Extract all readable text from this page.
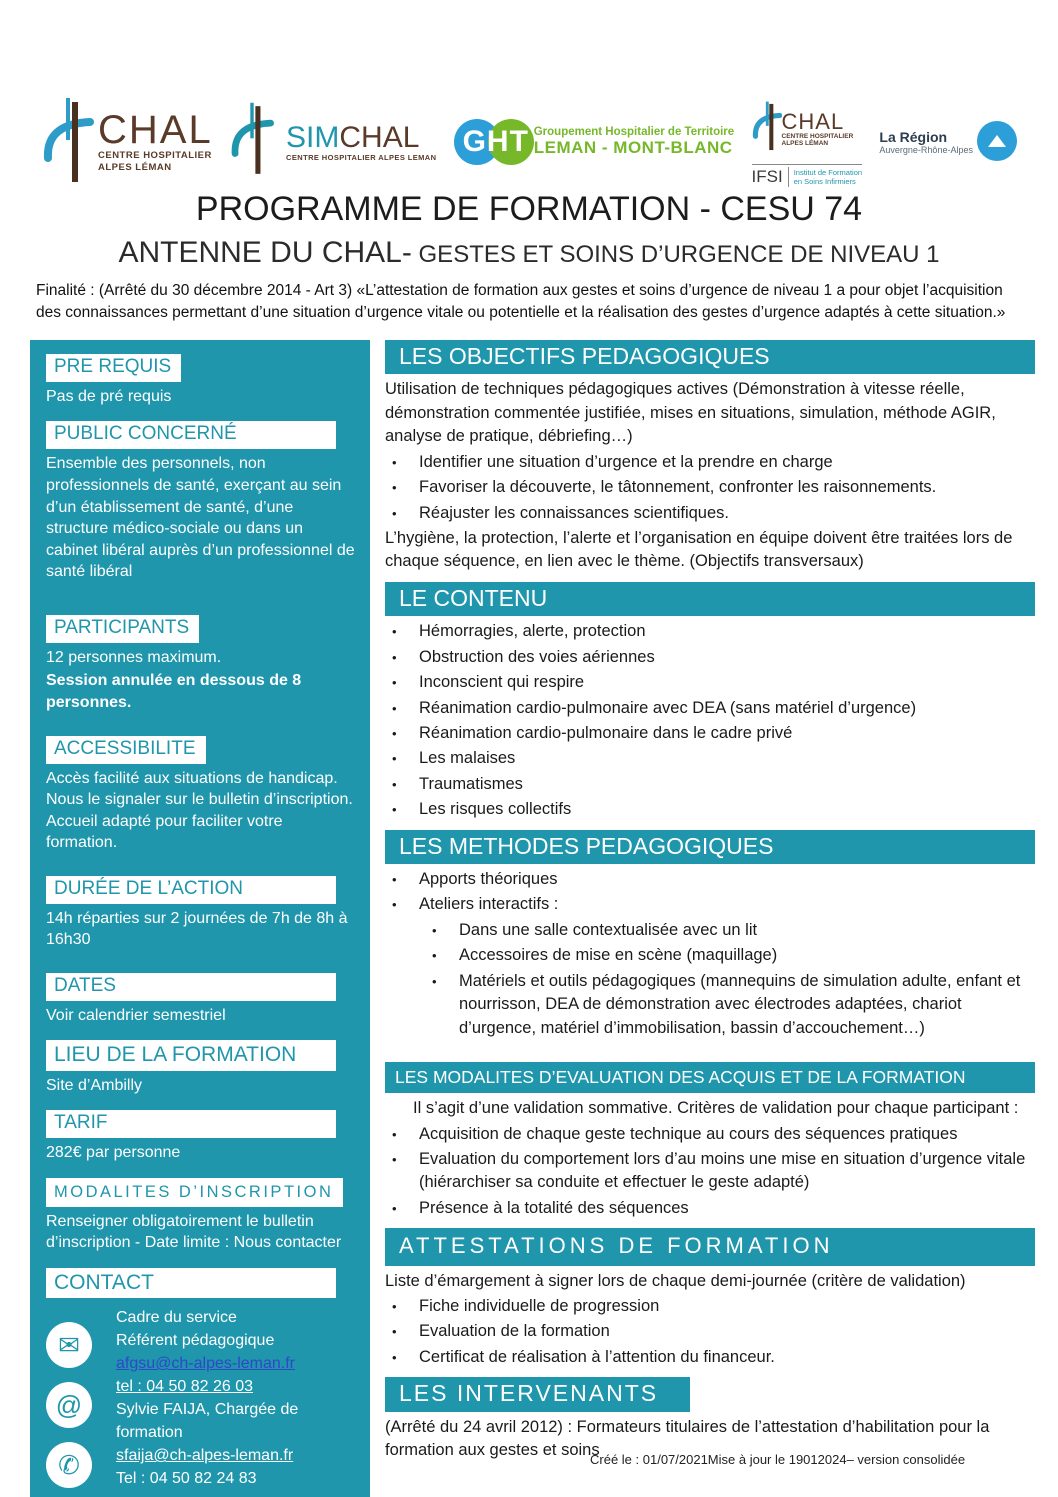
CHAL
CENTRE HOSPITALIER
ALPES LÉMAN
SIMCHAL
CENTRE HOSPITALIER ALPES LEMAN GHT Groupement Hospitalier de Territoire
LEMAN - MONT-BLANC
CHAL
CENTRE HOSPITALIER
ALPES LÉMAN
IFSI	Institut de Formation
en Soins Infirmiers
La Région
Auvergne-Rhône-Alpes
PROGRAMME DE FORMATION - CESU 74
ANTENNE DU CHAL- GESTES ET SOINS D’URGENCE DE NIVEAU 1

Finalité : (Arrêté du 30 décembre 2014 - Art 3) «L’attestation de formation aux gestes et soins d’urgence de niveau 1 a pour objet l’acquisition des connaissances permettant d’une situation d’urgence vitale ou potentielle et la réalisation des gestes d’urgence adaptés à cette situation.»

PRE REQUIS

Pas de pré requis

PUBLIC CONCERNÉ

Ensemble des personnels, non professionnels de santé, exerçant au sein d’un établissement de santé, d’une structure médico-sociale ou dans un cabinet libéral auprès d’un professionnel de santé libéral

PARTICIPANTS

12 personnes maximum.

Session annulée en dessous de 8 personnes.

ACCESSIBILITE

Accès facilité aux situations de handicap. Nous le signaler sur le bulletin d’inscription. Accueil adapté pour faciliter votre formation.

DURÉE DE L’ACTION

14h réparties sur 2 journées de 7h de 8h à 16h30

DATES

Voir calendrier semestriel

LIEU DE LA FORMATION

Site d’Ambilly

TARIF

282€ par personne

MODALITES D’INSCRIPTION

Renseigner obligatoirement le bulletin d’inscription - Date limite : Nous contacter

CONTACT
✉
@
✆
Cadre du service
Référent pédagogique
afgsu@ch-alpes-leman.fr
tel : 04 50 82 26 03
Sylvie FAIJA, Chargée de formation
sfaija@ch-alpes-leman.fr
Tel : 04 50 82 24 83
LES OBJECTIFS PEDAGOGIQUES

Utilisation de techniques pédagogiques actives (Démonstration à vitesse réelle, démonstration commentée justifiée, mises en situations, simulation, méthode AGIR, analyse de pratique, débriefing…)

• Identifier une situation d’urgence et la prendre en charge
• Favoriser la découverte, le tâtonnement, confronter les raisonnements.
• Réajuster les connaissances scientifiques.

L’hygiène, la protection, l’alerte et l’organisation en équipe doivent être traitées lors de chaque séquence, en lien avec le thème. (Objectifs transversaux)

LE CONTENU
• Hémorragies, alerte, protection
• Obstruction des voies aériennes
• Inconscient qui respire
• Réanimation cardio-pulmonaire avec DEA (sans matériel d’urgence)
• Réanimation cardio-pulmonaire dans le cadre privé
• Les malaises
• Traumatismes
• Les risques collectifs
LES METHODES PEDAGOGIQUES
• Apports théoriques
• Ateliers interactifs :
• Dans une salle contextualisée avec un lit
• Accessoires de mise en scène (maquillage)
• Matériels et outils pédagogiques (mannequins de simulation adulte, enfant et nourrisson, DEA de démonstration avec électrodes adaptées, chariot d’urgence, matériel d’immobilisation, bassin d’accouchement…)
LES MODALITES D’EVALUATION DES ACQUIS ET DE LA FORMATION

Il s’agit d’une validation sommative. Critères de validation pour chaque participant :

• Acquisition de chaque geste technique au cours des séquences pratiques
• Evaluation du comportement lors d’au moins une mise en situation d’urgence vitale (hiérarchiser sa conduite et effectuer le geste adapté)
• Présence à la totalité des séquences
ATTESTATIONS DE FORMATION

Liste d’émargement à signer lors de chaque demi-journée (critère de validation)

• Fiche individuelle de progression
• Evaluation de la formation
• Certificat de réalisation à l’attention du financeur.
LES INTERVENANTS

(Arrêté du 24 avril 2012) : Formateurs titulaires de l’attestation d’habilitation pour la formation aux gestes et soins

Créé le : 01/07/2021Mise à jour le 19012024– version consolidée
